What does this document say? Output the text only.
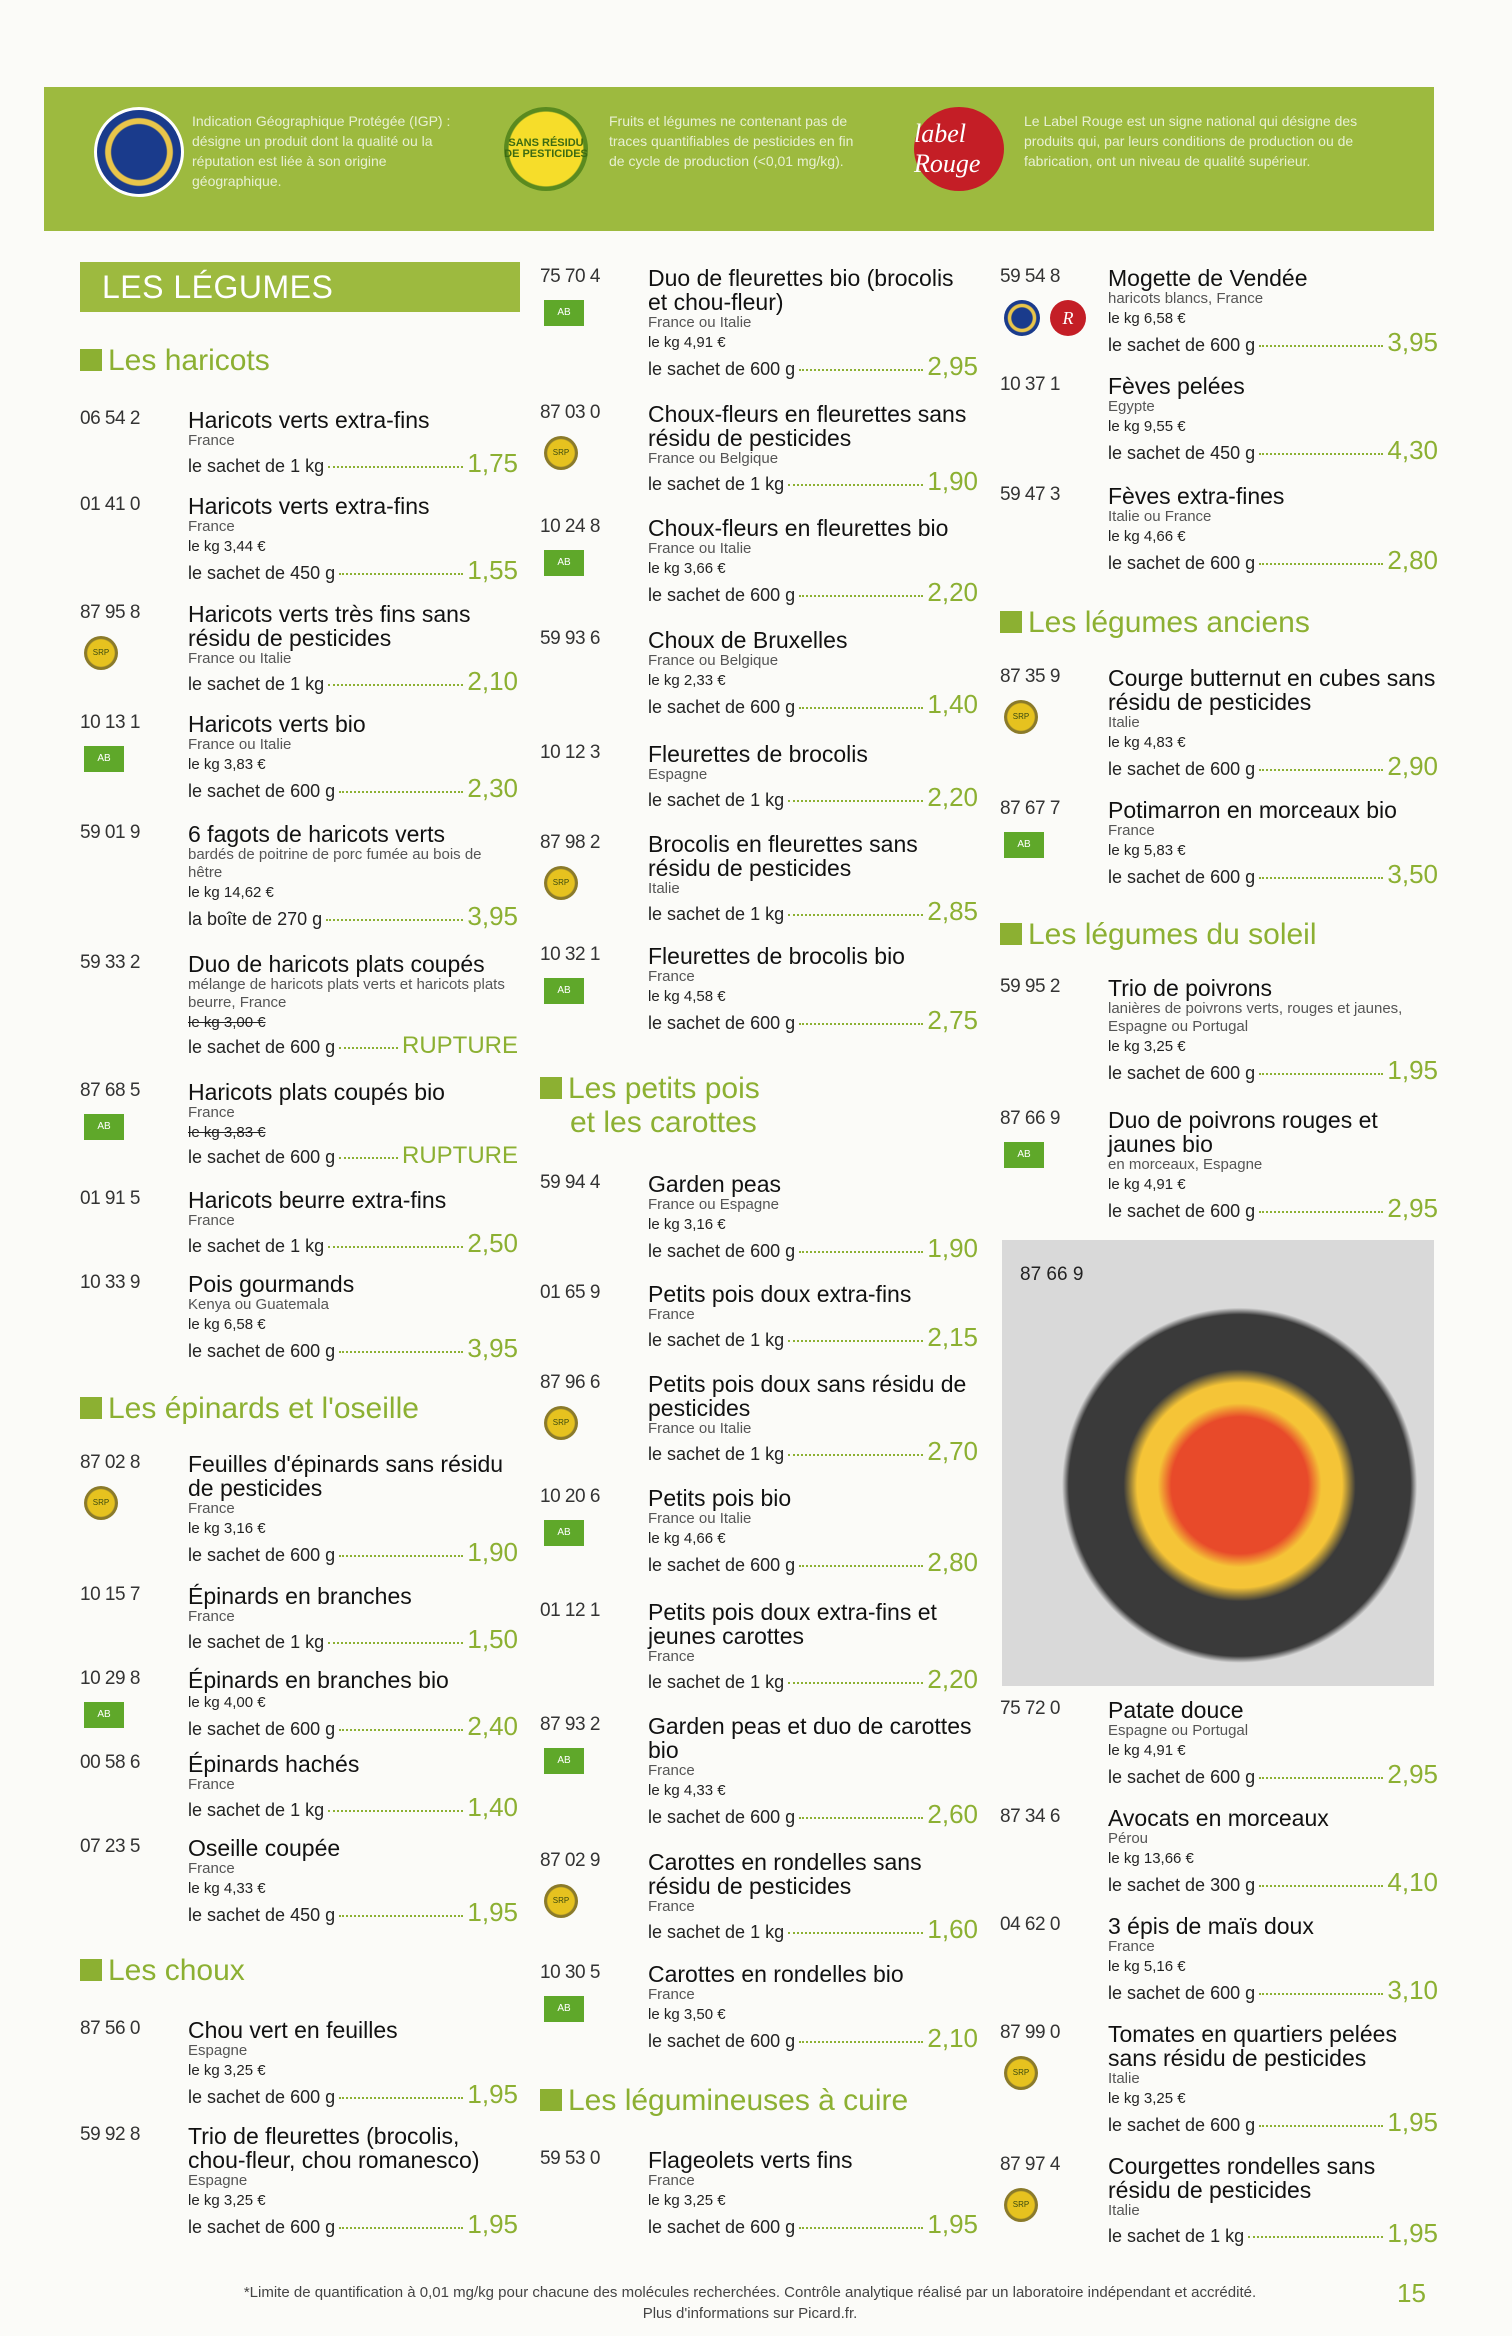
Indication Géographique Protégée (IGP) : désigne un produit dont la qualité ou la réputation est liée à son origine géographique.
SANS RÉSIDU DE PESTICIDES
Fruits et légumes ne contenant pas de traces quantifiables de pesticides en fin de cycle de production (<0,01 mg/kg).
label Rouge
Le Label Rouge est un signe national qui désigne des produits qui, par leurs conditions de production ou de fabrication, ont un niveau de qualité supérieur.
LES LÉGUMES
Les haricots
06 54 2 Haricots verts extra-fins
France
le sachet de 1 kg	1,75
01 41 0 Haricots verts extra-fins
France
le kg 3,44 €
le sachet de 450 g	1,55
87 95 8
SRP
Haricots verts très fins sans résidu de pesticides
France ou Italie
le sachet de 1 kg	2,10
10 13 1
AB
Haricots verts bio
France ou Italie
le kg 3,83 €
le sachet de 600 g	2,30
59 01 9 6 fagots de haricots verts
bardés de poitrine de porc fumée au bois de hêtre
le kg 14,62 €
la boîte de 270 g	3,95
59 33 2 Duo de haricots plats coupés
mélange de haricots plats verts et haricots plats beurre, France
le kg 3,00 €
le sachet de 600 g	RUPTURE
87 68 5
AB
Haricots plats coupés bio
France
le kg 3,83 €
le sachet de 600 g	RUPTURE
01 91 5 Haricots beurre extra-fins
France
le sachet de 1 kg	2,50
10 33 9 Pois gourmands
Kenya ou Guatemala
le kg 6,58 €
le sachet de 600 g	3,95
Les épinards et l'oseille
87 02 8
SRP
Feuilles d'épinards sans résidu de pesticides
France
le kg 3,16 €
le sachet de 600 g	1,90
10 15 7 Épinards en branches
France
le sachet de 1 kg	1,50
10 29 8
AB
Épinards en branches bio
le kg 4,00 €
le sachet de 600 g	2,40
00 58 6 Épinards hachés
France
le sachet de 1 kg	1,40
07 23 5 Oseille coupée
France
le kg 4,33 €
le sachet de 450 g	1,95
Les choux
87 56 0 Chou vert en feuilles
Espagne
le kg 3,25 €
le sachet de 600 g	1,95
59 92 8 Trio de fleurettes (brocolis, chou-fleur, chou romanesco)
Espagne
le kg 3,25 €
le sachet de 600 g	1,95
75 70 4
AB
Duo de fleurettes bio (brocolis et chou-fleur)
France ou Italie
le kg 4,91 €
le sachet de 600 g	2,95
87 03 0
SRP
Choux-fleurs en fleurettes sans résidu de pesticides
France ou Belgique
le sachet de 1 kg	1,90
10 24 8
AB
Choux-fleurs en fleurettes bio
France ou Italie
le kg 3,66 €
le sachet de 600 g	2,20
59 93 6 Choux de Bruxelles
France ou Belgique
le kg 2,33 €
le sachet de 600 g	1,40
10 12 3 Fleurettes de brocolis
Espagne
le sachet de 1 kg	2,20
87 98 2
SRP
Brocolis en fleurettes sans résidu de pesticides
Italie
le sachet de 1 kg	2,85
10 32 1
AB
Fleurettes de brocolis bio
France
le kg 4,58 €
le sachet de 600 g	2,75
Les petits pois
et les carottes
59 94 4 Garden peas
France ou Espagne
le kg 3,16 €
le sachet de 600 g	1,90
01 65 9 Petits pois doux extra-fins
France
le sachet de 1 kg	2,15
87 96 6
SRP
Petits pois doux sans résidu de pesticides
France ou Italie
le sachet de 1 kg	2,70
10 20 6
AB
Petits pois bio
France ou Italie
le kg 4,66 €
le sachet de 600 g	2,80
01 12 1 Petits pois doux extra-fins et jeunes carottes
France
le sachet de 1 kg	2,20
87 93 2
AB
Garden peas et duo de carottes bio
France
le kg 4,33 €
le sachet de 600 g	2,60
87 02 9
SRP
Carottes en rondelles sans résidu de pesticides
France
le sachet de 1 kg	1,60
10 30 5
AB
Carottes en rondelles bio
France
le kg 3,50 €
le sachet de 600 g	2,10
Les légumineuses à cuire
59 53 0 Flageolets verts fins
France
le kg 3,25 €
le sachet de 600 g	1,95
59 54 8
R
Mogette de Vendée
haricots blancs, France
le kg 6,58 €
le sachet de 600 g	3,95
10 37 1 Fèves pelées
Egypte
le kg 9,55 €
le sachet de 450 g	4,30
59 47 3 Fèves extra-fines
Italie ou France
le kg 4,66 €
le sachet de 600 g	2,80
Les légumes anciens
87 35 9
SRP
Courge butternut en cubes sans résidu de pesticides
Italie
le kg 4,83 €
le sachet de 600 g	2,90
87 67 7
AB
Potimarron en morceaux bio
France
le kg 5,83 €
le sachet de 600 g	3,50
Les légumes du soleil
59 95 2 Trio de poivrons
lanières de poivrons verts, rouges et jaunes, Espagne ou Portugal
le kg 3,25 €
le sachet de 600 g	1,95
87 66 9
AB
Duo de poivrons rouges et jaunes bio
en morceaux, Espagne
le kg 4,91 €
le sachet de 600 g	2,95
75 72 0 Patate douce
Espagne ou Portugal
le kg 4,91 €
le sachet de 600 g	2,95
87 34 6 Avocats en morceaux
Pérou
le kg 13,66 €
le sachet de 300 g	4,10
04 62 0 3 épis de maïs doux
France
le kg 5,16 €
le sachet de 600 g	3,10
87 99 0
SRP
Tomates en quartiers pelées sans résidu de pesticides
Italie
le kg 3,25 €
le sachet de 600 g	1,95
87 97 4
SRP
Courgettes rondelles sans résidu de pesticides
Italie
le sachet de 1 kg	1,95
87 66 9
*Limite de quantification à 0,01 mg/kg pour chacune des molécules recherchées. Contrôle analytique réalisé par un laboratoire indépendant et accrédité.
Plus d'informations sur Picard.fr.
15
